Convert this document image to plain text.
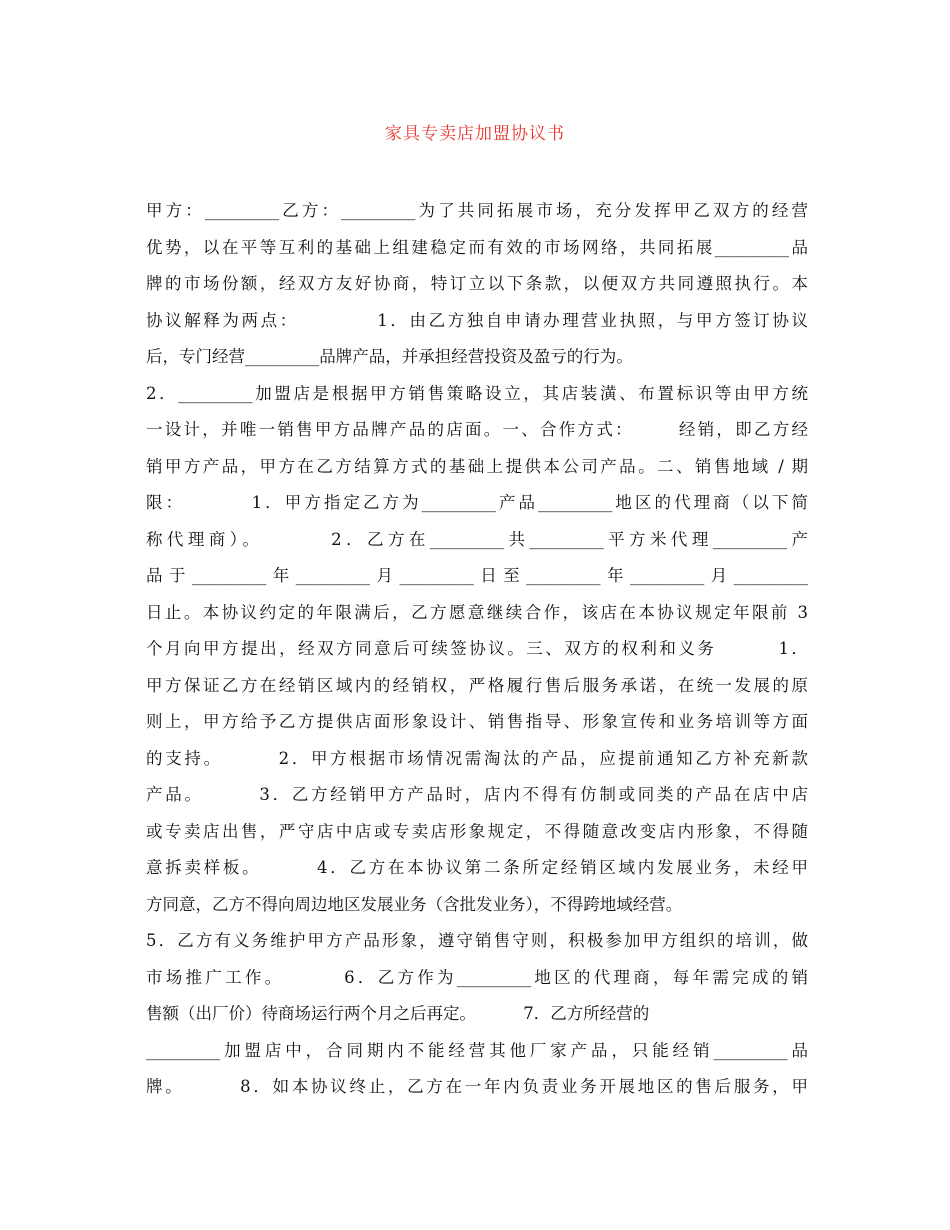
家具专卖店加盟协议书
甲方：_________乙方：_________为了共同拓展市场，充分发挥甲乙双方的经营
优势，以在平等互利的基础上组建稳定而有效的市场网络，共同拓展_________品
牌的市场份额，经双方友好协商，特订立以下条款，以便双方共同遵照执行。本
协议解释为两点：          1．由乙方独自申请办理营业执照，与甲方签订协议
后，专门经营_________品牌产品，并承担经营投资及盈亏的行为。
2．_________加盟店是根据甲方销售策略设立，其店装潢、布置标识等由甲方统
一设计，并唯一销售甲方品牌产品的店面。一、合作方式：      经销，即乙方经
销甲方产品，甲方在乙方结算方式的基础上提供本公司产品。二、销售地域 / 期
限：        1．甲方指定乙方为_________产品_________地区的代理商（以下简
称代理商）。       2．乙方在_________共_________平方米代理_________产
品于_________年_________月_________日至_________年_________月_________
日止。本协议约定的年限满后，乙方愿意继续合作，该店在本协议规定年限前 3
个月向甲方提出，经双方同意后可续签协议。三、双方的权利和义务        1．
甲方保证乙方在经销区域内的经销权，严格履行售后服务承诺，在统一发展的原
则上，甲方给予乙方提供店面形象设计、销售指导、形象宣传和业务培训等方面
的支持。       2．甲方根据市场情况需淘汰的产品，应提前通知乙方补充新款
产品。       3．乙方经销甲方产品时，店内不得有仿制或同类的产品在店中店
或专卖店出售，严守店中店或专卖店形象规定，不得随意改变店内形象，不得随
意拆卖样板。       4．乙方在本协议第二条所定经销区域内发展业务，未经甲
方同意，乙方不得向周边地区发展业务（含批发业务），不得跨地域经营。
5．乙方有义务维护甲方产品形象，遵守销售守则，积极参加甲方组织的培训，做
市场推广工作。       6．乙方作为_________地区的代理商，每年需完成的销
售额（出厂价）待商场运行两个月之后再定。         7．乙方所经营的
_________加盟店中，合同期内不能经营其他厂家产品，只能经销_________品
牌。       8．如本协议终止，乙方在一年内负责业务开展地区的售后服务，甲
